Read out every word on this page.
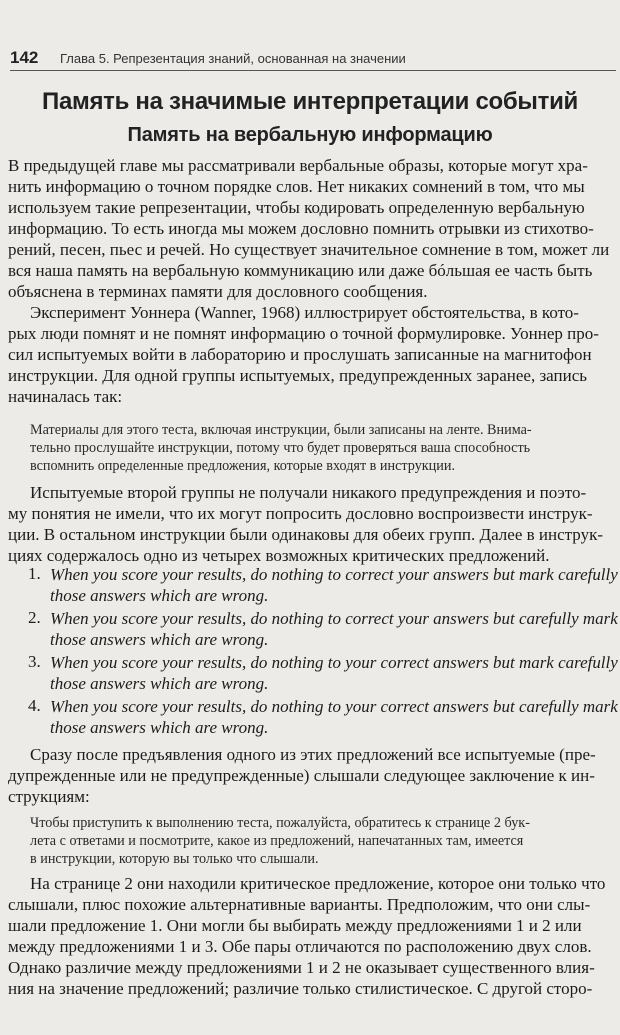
142 Глава 5. Репрезентация знаний, основанная на значении
Память на значимые интерпретации событий
Память на вербальную информацию
В предыдущей главе мы рассматривали вербальные образы, которые могут хра-
нить информацию о точном порядке слов. Нет никаких сомнений в том, что мы
используем такие репрезентации, чтобы кодировать определенную вербальную
информацию. То есть иногда мы можем дословно помнить отрывки из стихотво-
рений, песен, пьес и речей. Но существует значительное сомнение в том, может ли
вся наша память на вербальную коммуникацию или даже бóльшая ее часть быть
объяснена в терминах памяти для дословного сообщения.
Эксперимент Уоннера (Wanner, 1968) иллюстрирует обстоятельства, в кото-
рых люди помнят и не помнят информацию о точной формулировке. Уоннер про-
сил испытуемых войти в лабораторию и прослушать записанные на магнитофон
инструкции. Для одной группы испытуемых, предупрежденных заранее, запись
начиналась так:
Материалы для этого теста, включая инструкции, были записаны на ленте. Внима-
тельно прослушайте инструкции, потому что будет проверяться ваша способность
вспомнить определенные предложения, которые входят в инструкции.
Испытуемые второй группы не получали никакого предупреждения и поэто-
му понятия не имели, что их могут попросить дословно воспроизвести инструк-
ции. В остальном инструкции были одинаковы для обеих групп. Далее в инструк-
циях содержалось одно из четырех возможных критических предложений.
1. When you score your results, do nothing to correct your answers but mark carefully
those answers which are wrong.
2. When you score your results, do nothing to correct your answers but carefully mark
those answers which are wrong.
3. When you score your results, do nothing to your correct answers but mark carefully
those answers which are wrong.
4. When you score your results, do nothing to your correct answers but carefully mark
those answers which are wrong.
Сразу после предъявления одного из этих предложений все испытуемые (пре-
дупрежденные или не предупрежденные) слышали следующее заключение к ин-
струкциям:
Чтобы приступить к выполнению теста, пожалуйста, обратитесь к странице 2 бук-
лета с ответами и посмотрите, какое из предложений, напечатанных там, имеется
в инструкции, которую вы только что слышали.
На странице 2 они находили критическое предложение, которое они только что
слышали, плюс похожие альтернативные варианты. Предположим, что они слы-
шали предложение 1. Они могли бы выбирать между предложениями 1 и 2 или
между предложениями 1 и 3. Обе пары отличаются по расположению двух слов.
Однако различие между предложениями 1 и 2 не оказывает существенного влия-
ния на значение предложений; различие только стилистическое. С другой сторо-
